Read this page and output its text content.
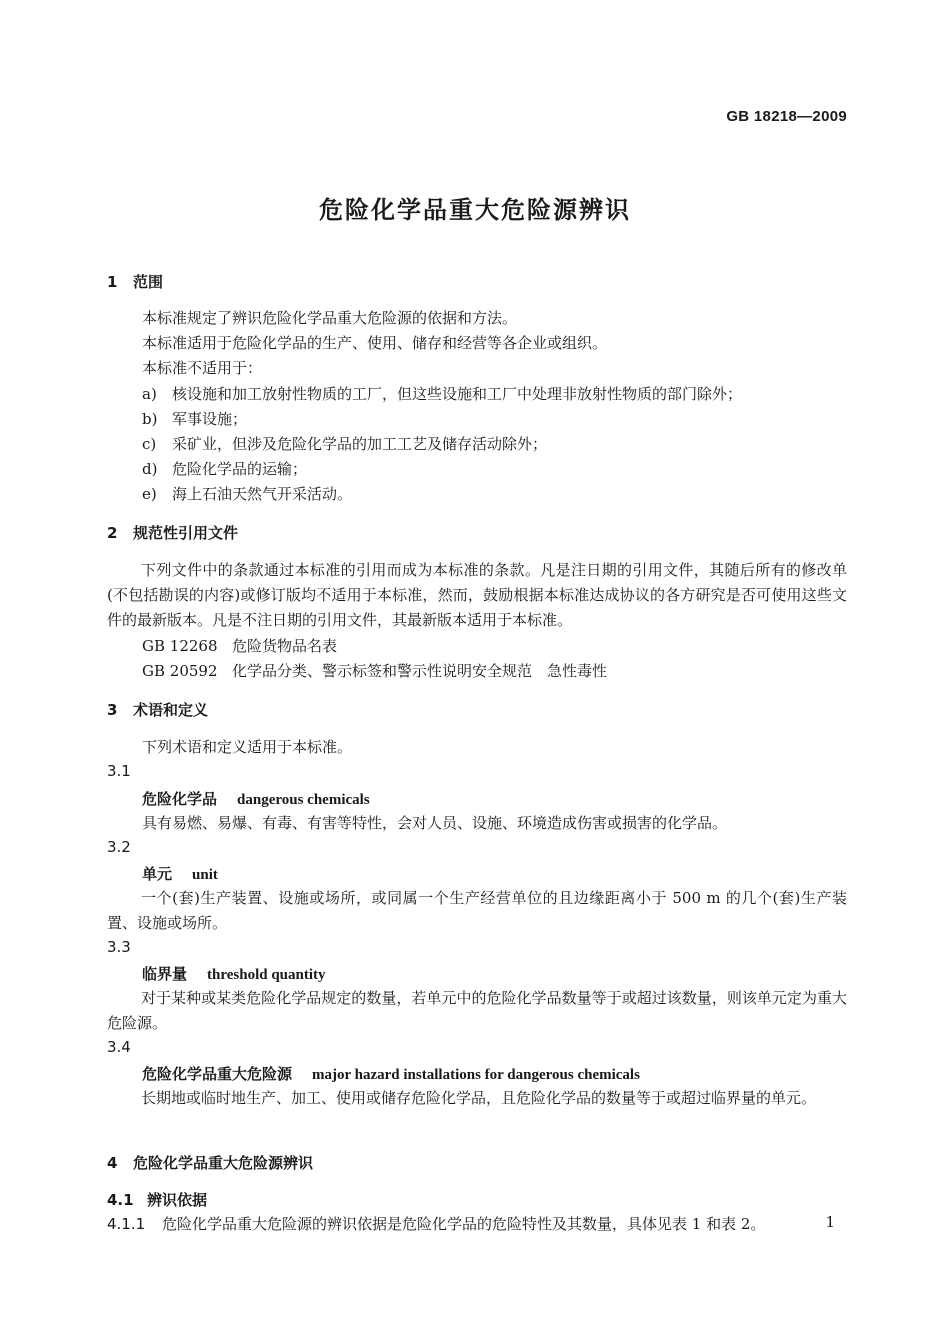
GB 18218—2009
危险化学品重大危险源辨识
1 范围
本标准规定了辨识危险化学品重大危险源的依据和方法。
本标准适用于危险化学品的生产、使用、储存和经营等各企业或组织。
本标准不适用于：
a) 核设施和加工放射性物质的工厂，但这些设施和工厂中处理非放射性物质的部门除外；
b) 军事设施；
c) 采矿业，但涉及危险化学品的加工工艺及储存活动除外；
d) 危险化学品的运输；
e) 海上石油天然气开采活动。
2 规范性引用文件
下列文件中的条款通过本标准的引用而成为本标准的条款。凡是注日期的引用文件，其随后所有的修改单(不包括勘误的内容)或修订版均不适用于本标准，然而，鼓励根据本标准达成协议的各方研究是否可使用这些文件的最新版本。凡是不注日期的引用文件，其最新版本适用于本标准。
GB 12268 危险货物品名表
GB 20592 化学品分类、警示标签和警示性说明安全规范　急性毒性
3 术语和定义
下列术语和定义适用于本标准。
3.1
危险化学品 dangerous chemicals
具有易燃、易爆、有毒、有害等特性，会对人员、设施、环境造成伤害或损害的化学品。
3.2
单元 unit
一个(套)生产装置、设施或场所，或同属一个生产经营单位的且边缘距离小于 500 m 的几个(套)生产装置、设施或场所。
3.3
临界量 threshold quantity
对于某种或某类危险化学品规定的数量，若单元中的危险化学品数量等于或超过该数量，则该单元定为重大危险源。
3.4
危险化学品重大危险源 major hazard installations for dangerous chemicals
长期地或临时地生产、加工、使用或储存危险化学品，且危险化学品的数量等于或超过临界量的单元。
4 危险化学品重大危险源辨识
4.1 辨识依据
4.1.1 危险化学品重大危险源的辨识依据是危险化学品的危险特性及其数量，具体见表 1 和表 2。	1
